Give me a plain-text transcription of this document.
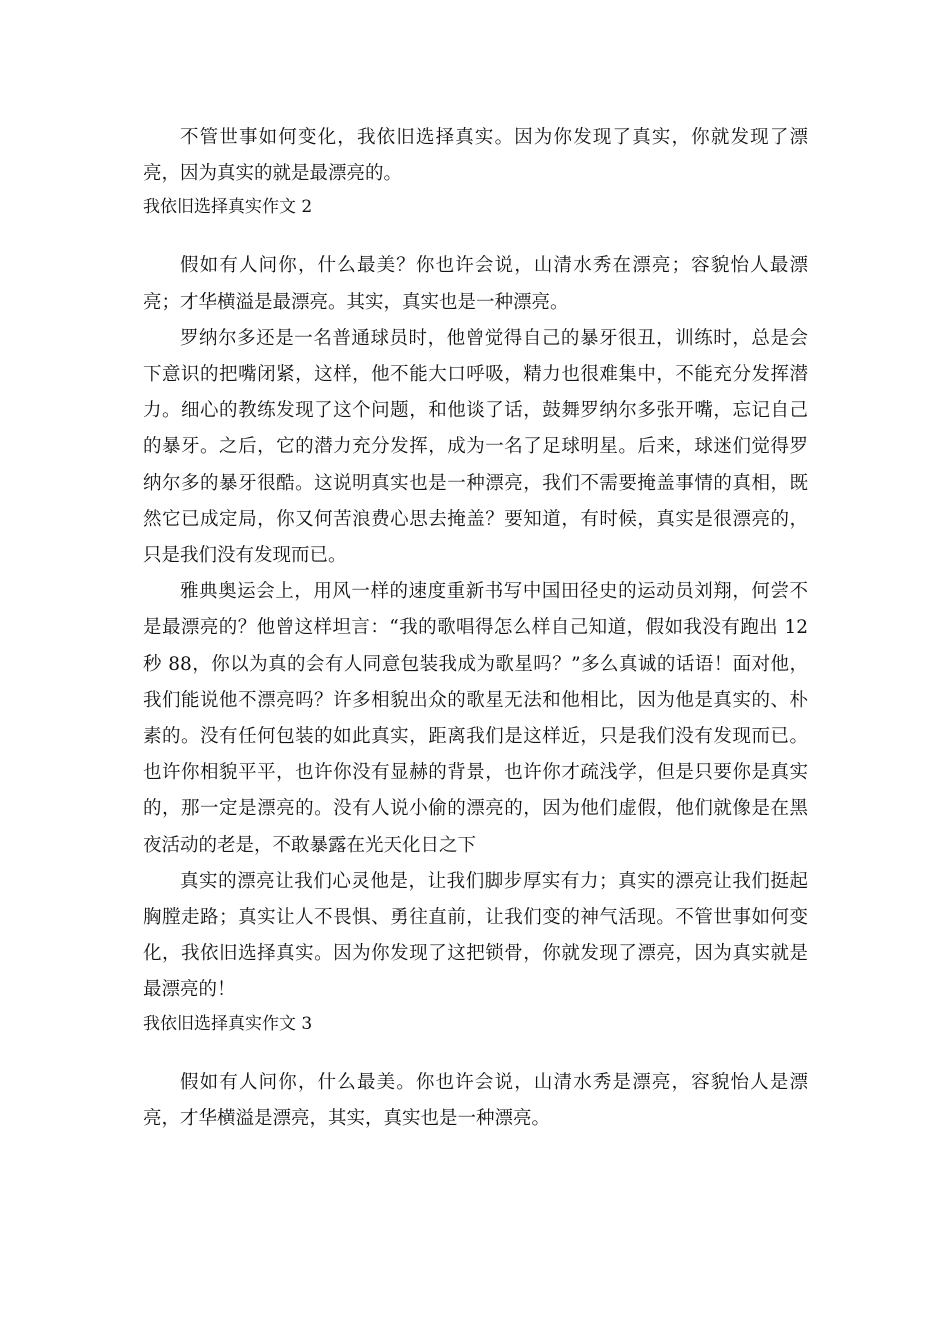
不管世事如何变化，我依旧选择真实。因为你发现了真实，你就发现了漂亮，因为真实的就是最漂亮的。

我依旧选择真实作文 2

假如有人问你，什么最美？你也许会说，山清水秀在漂亮；容貌怡人最漂亮；才华横溢是最漂亮。其实，真实也是一种漂亮。

罗纳尔多还是一名普通球员时，他曾觉得自己的暴牙很丑，训练时，总是会下意识的把嘴闭紧，这样，他不能大口呼吸，精力也很难集中，不能充分发挥潜力。细心的教练发现了这个问题，和他谈了话，鼓舞罗纳尔多张开嘴，忘记自己的暴牙。之后，它的潜力充分发挥，成为一名了足球明星。后来，球迷们觉得罗纳尔多的暴牙很酷。这说明真实也是一种漂亮，我们不需要掩盖事情的真相，既然它已成定局，你又何苦浪费心思去掩盖？要知道，有时候，真实是很漂亮的，只是我们没有发现而已。

雅典奥运会上，用风一样的速度重新书写中国田径史的运动员刘翔，何尝不是最漂亮的？他曾这样坦言：“我的歌唱得怎么样自己知道，假如我没有跑出 12 秒 88，你以为真的会有人同意包装我成为歌星吗？”多么真诚的话语！面对他，我们能说他不漂亮吗？许多相貌出众的歌星无法和他相比，因为他是真实的、朴素的。没有任何包装的如此真实，距离我们是这样近，只是我们没有发现而已。也许你相貌平平，也许你没有显赫的背景，也许你才疏浅学，但是只要你是真实的，那一定是漂亮的。没有人说小偷的漂亮的，因为他们虚假，他们就像是在黑夜活动的老是，不敢暴露在光天化日之下

真实的漂亮让我们心灵他是，让我们脚步厚实有力；真实的漂亮让我们挺起胸膛走路；真实让人不畏惧、勇往直前，让我们变的神气活现。不管世事如何变化，我依旧选择真实。因为你发现了这把锁骨，你就发现了漂亮，因为真实就是最漂亮的！

我依旧选择真实作文 3

假如有人问你，什么最美。你也许会说，山清水秀是漂亮，容貌怡人是漂亮，才华横溢是漂亮，其实，真实也是一种漂亮。
